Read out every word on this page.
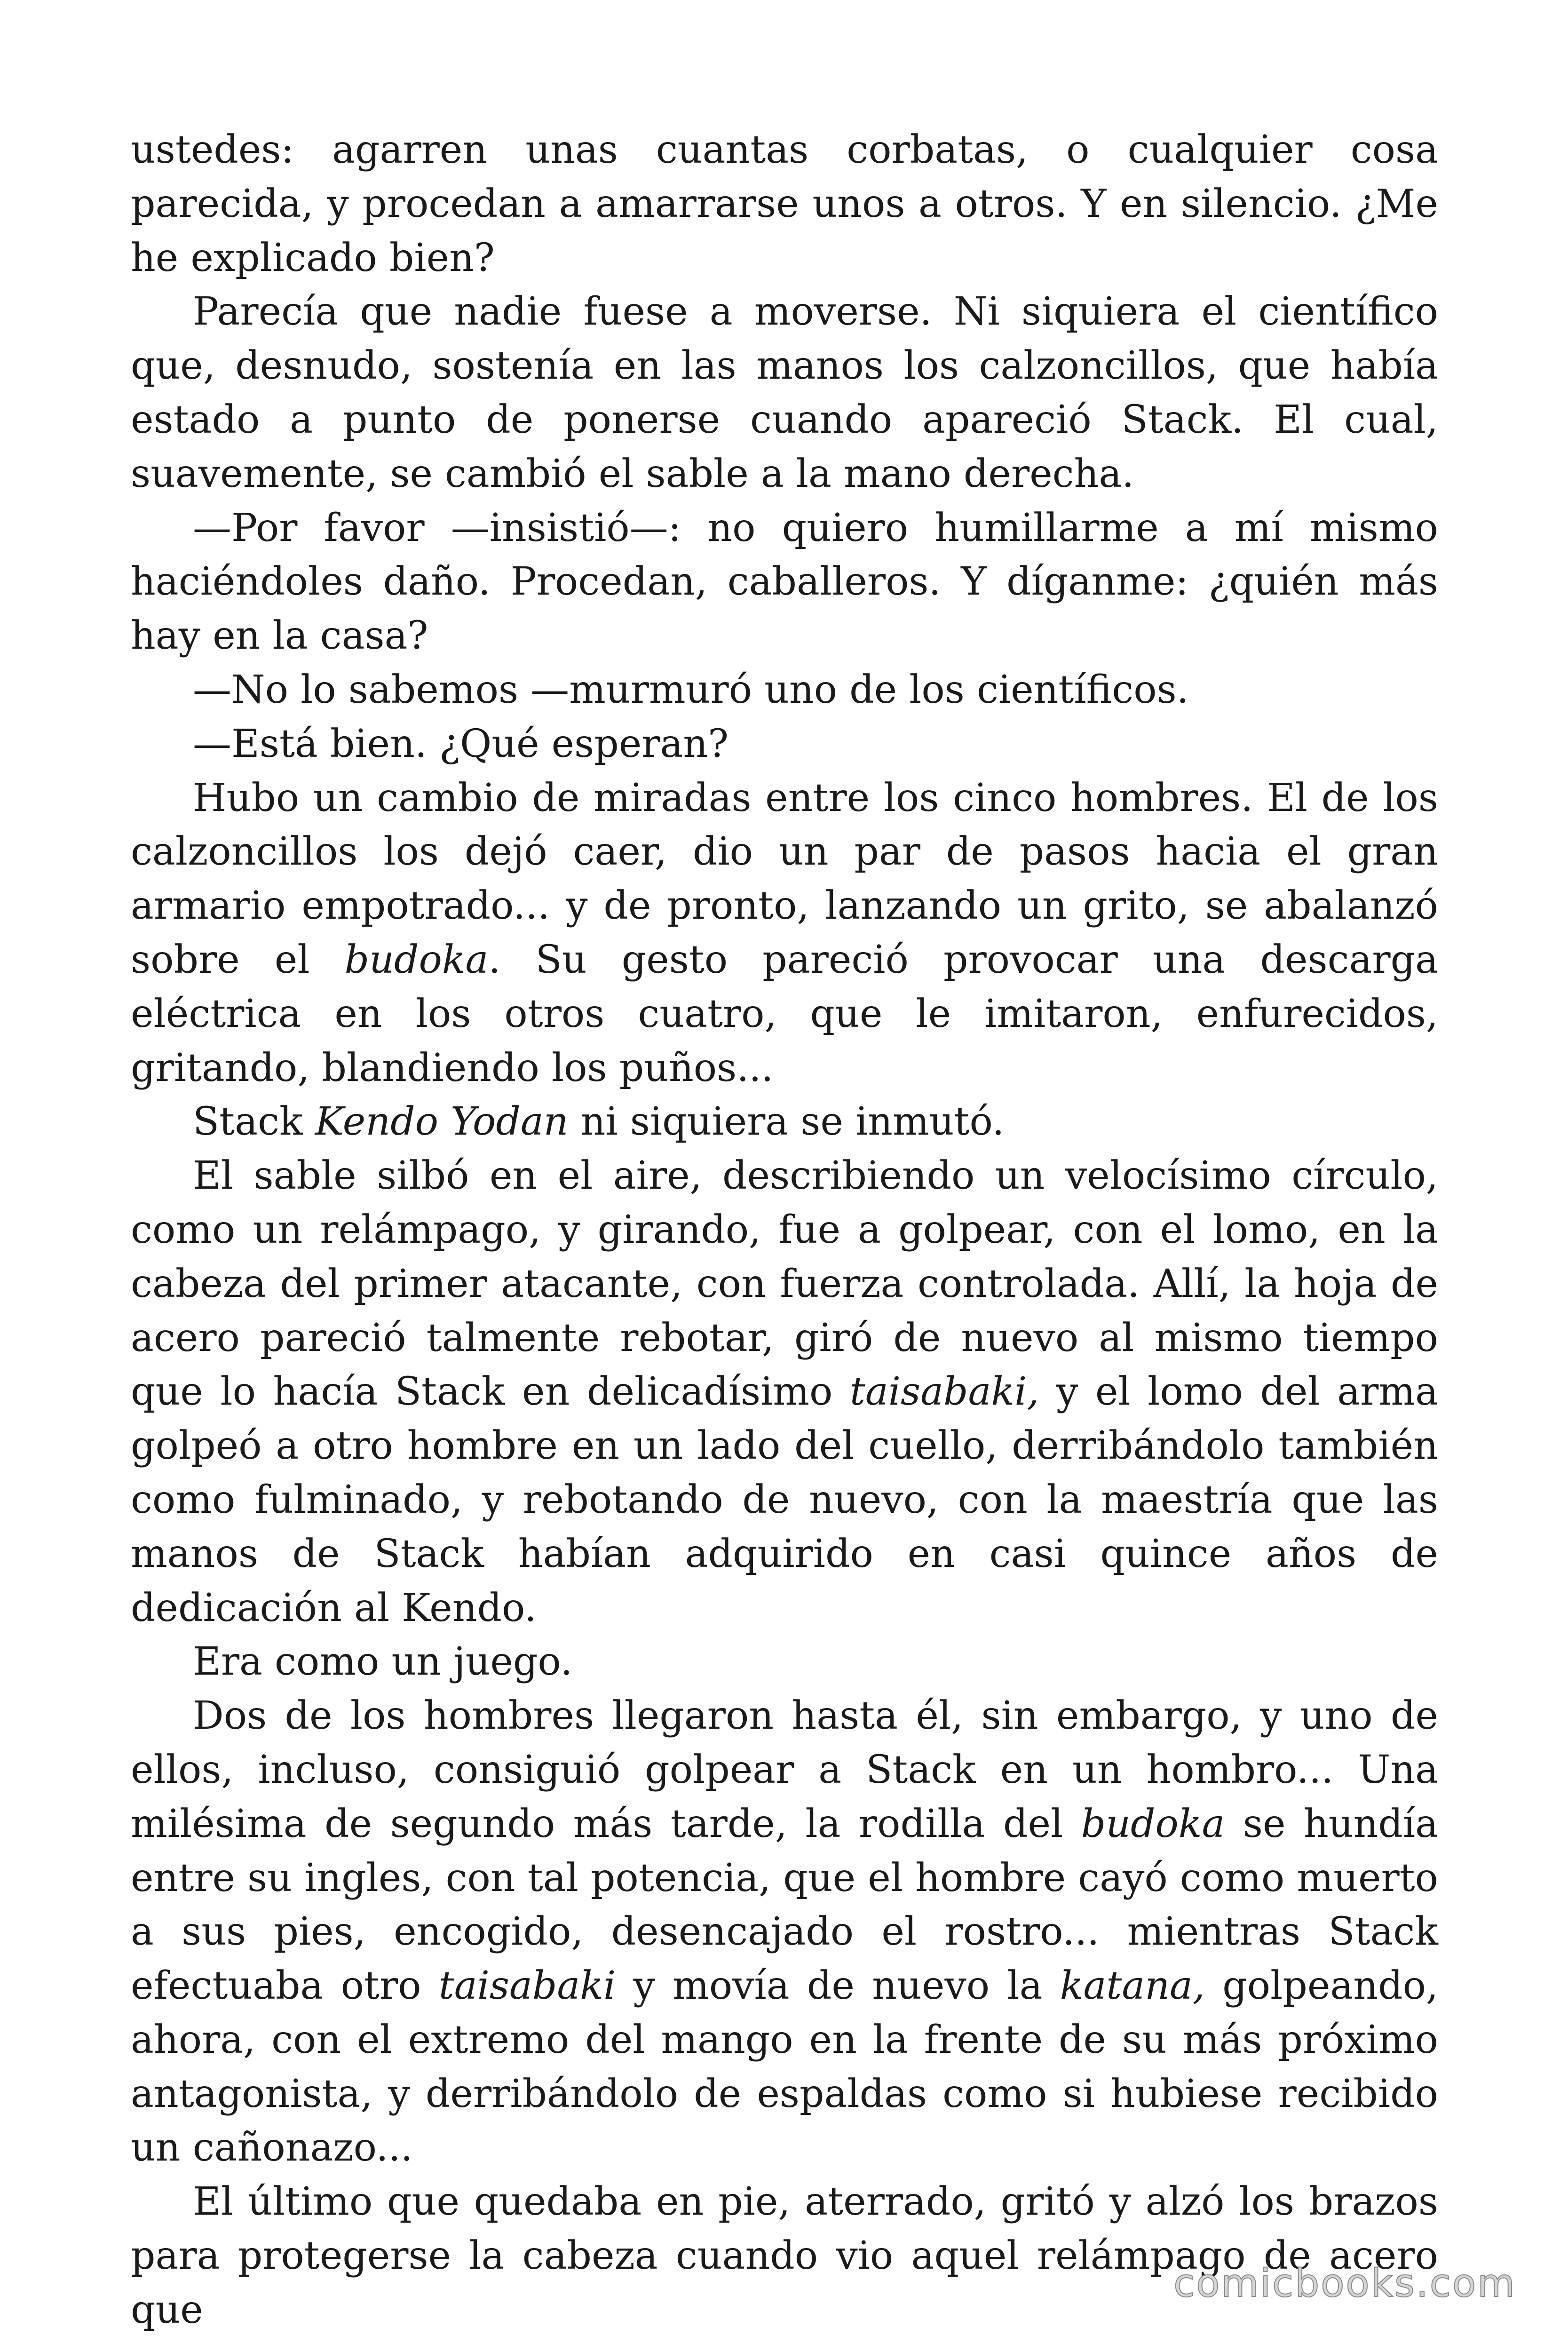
ustedes: agarren unas cuantas corbatas, o cualquier cosa parecida, y procedan a amarrarse unos a otros. Y en silencio. ¿Me he explicado bien?

Parecía que nadie fuese a moverse. Ni siquiera el científico que, desnudo, sostenía en las manos los calzoncillos, que había estado a punto de ponerse cuando apareció Stack. El cual, suavemente, se cambió el sable a la mano derecha.

—Por favor —insistió—: no quiero humillarme a mí mismo haciéndoles daño. Procedan, caballeros. Y díganme: ¿quién más hay en la casa?

—No lo sabemos —murmuró uno de los científicos.

—Está bien. ¿Qué esperan?

Hubo un cambio de miradas entre los cinco hombres. El de los calzoncillos los dejó caer, dio un par de pasos hacia el gran armario empotrado... y de pronto, lanzando un grito, se abalanzó sobre el budoka. Su gesto pareció provocar una descarga eléctrica en los otros cuatro, que le imitaron, enfurecidos, gritando, blandiendo los puños...

Stack Kendo Yodan ni siquiera se inmutó.

El sable silbó en el aire, describiendo un velocísimo círculo, como un relámpago, y girando, fue a golpear, con el lomo, en la cabeza del primer atacante, con fuerza controlada. Allí, la hoja de acero pareció talmente rebotar, giró de nuevo al mismo tiempo que lo hacía Stack en delicadísimo taisabaki, y el lomo del arma golpeó a otro hombre en un lado del cuello, derribándolo también como fulminado, y rebotando de nuevo, con la maestría que las manos de Stack habían adquirido en casi quince años de dedicación al Kendo.

Era como un juego.

Dos de los hombres llegaron hasta él, sin embargo, y uno de ellos, incluso, consiguió golpear a Stack en un hombro... Una milésima de segundo más tarde, la rodilla del budoka se hundía entre su ingles, con tal potencia, que el hombre cayó como muerto a sus pies, encogido, desencajado el rostro... mientras Stack efectuaba otro taisabaki y movía de nuevo la katana, golpeando, ahora, con el extremo del mango en la frente de su más próximo antagonista, y derribándolo de espaldas como si hubiese recibido un cañonazo...

El último que quedaba en pie, aterrado, gritó y alzó los brazos para protegerse la cabeza cuando vio aquel relámpago de acero que

comicbooks.com
